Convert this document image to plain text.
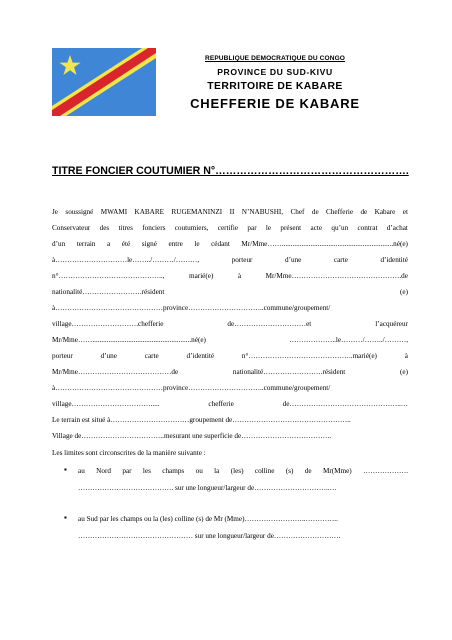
REPUBLIQUE DEMOCRATIQUE DU CONGO
PROVINCE DU SUD-KIVU
TERRITOIRE DE KABARE
CHEFFERIE DE KABARE
TITRE FONCIER COUTUMIER N°……………………………………………….
Je soussigné MWAMI KABARE RUGEMANINZI II N’NABUSHI, Chef de Chefferie de Kabare et
Conservateur des titres fonciers coutumiers, certifie par le présent acte qu’un contrat d’achat
d’un terrain a été signé entre le cédant Mr/Mme……..............................................................né(e)
à…………………………le……../………/………,	porteur	d’une	carte	d’identité
n°……………………………………..,	marié(e)	à	Mr/Mme……………………………………….de
nationalité…………………….résident	(e)
à………………………………………province…………………………..commune/groupement/
village……………………….chefferie	de…………………………et	l’acquéreur
Mr/Mme…….......................................................né(e)	………………..le………/……../………,
porteur	d’une	carte	d’identité	n°……………………………………..marié(e)	à
Mr/Mme…………………………………de	nationalité…………………….résident	(e)
à………………………………………province…………………………..commune/groupement/
village…………………………….....	chefferie	de………………………………………..…
Le terrain est situé à……………………………groupement de…………………………………………..
Village de……………………………..mesurant une superficie de………………………………..
Les limites sont circonscrites de la manière suivante :
▪ au Nord par les champs ou la (les) colline (s) de Mr(Mme) ……………….
…………………………………. sur une longueur/largeur de…………………………..…
▪ au Sud par les champs ou la (les) colline (s) de Mr (Mme)……………………..…………..
………………………………………… sur une longueur/largeur de……………………….
